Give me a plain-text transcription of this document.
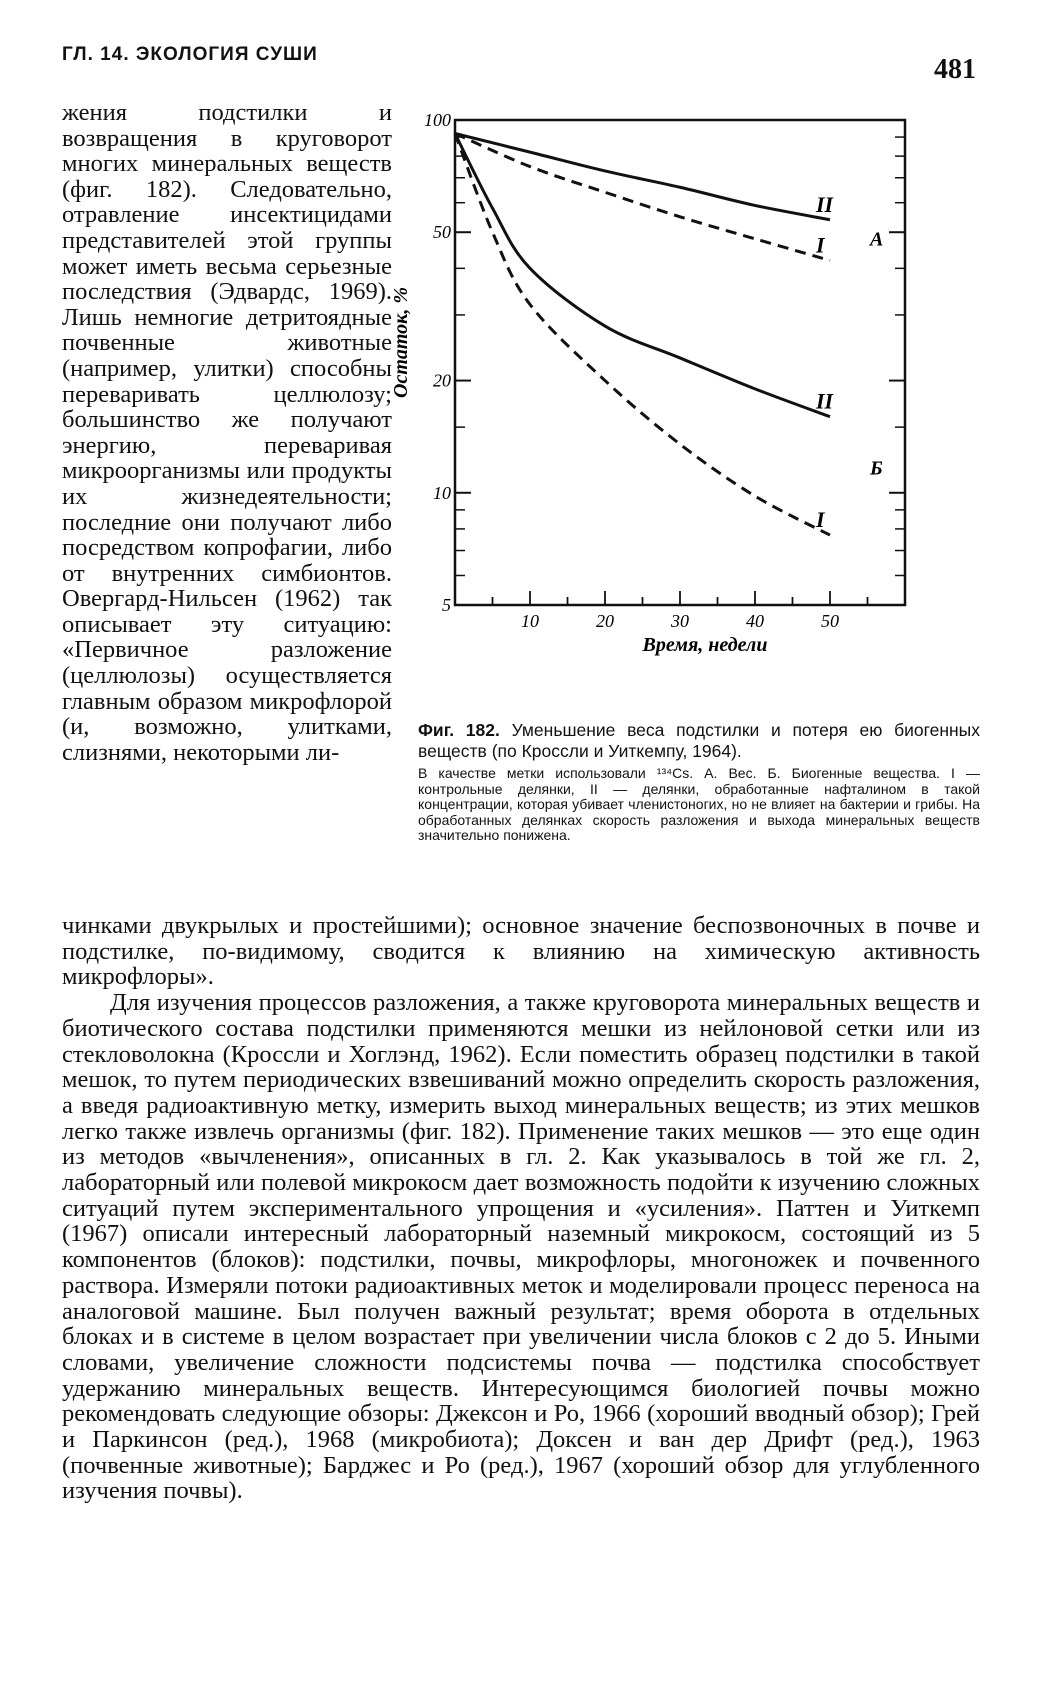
ГЛ. 14. ЭКОЛОГИЯ СУШИ	481
жения подстилки и возвращения в круговорот многих минеральных веществ (фиг. 182). Следовательно, отравление инсектицидами представителей этой группы может иметь весьма серьезные последствия (Эдвардс, 1969). Лишь немногие детритоядные почвенные животные (например, улитки) способны переваривать целлюлозу; большинство же получают энергию, переваривая микроорганизмы или продукты их жизнедеятельности; последние они получают либо посредством копрофагии, либо от внутренних симбионтов. Овергард-Нильсен (1962) так описывает эту ситуацию: «Первичное разложение (целлюлозы) осуществляется главным образом микрофлорой (и, возможно, улитками, слизнями, некоторыми ли-
5
10
20
50
100
10	20	30	40	50
Время, недели
Остаток, %
II
I
II
I
А
Б
Фиг. 182. Уменьшение веса подстилки и потеря ею биогенных веществ (по Кроссли и Уиткемпу, 1964).
В качестве метки использовали ¹³⁴Cs. А. Вес. Б. Биогенные вещества. I — контрольные делянки, II — делянки, обработанные нафталином в такой концентрации, которая убивает членистоногих, но не влияет на бактерии и грибы. На обработанных делянках скорость разложения и выхода минеральных веществ значительно понижена.

чинками двукрылых и простейшими); основное значение беспозвоночных в почве и подстилке, по-видимому, сводится к влиянию на химическую активность микрофлоры».

Для изучения процессов разложения, а также круговорота минеральных веществ и биотического состава подстилки применяются мешки из нейлоновой сетки или из стекловолокна (Кроссли и Хоглэнд, 1962). Если поместить образец подстилки в такой мешок, то путем периодических взвешиваний можно определить скорость разложения, а введя радиоактивную метку, измерить выход минеральных веществ; из этих мешков легко также извлечь организмы (фиг. 182). Применение таких мешков — это еще один из методов «вычленения», описанных в гл. 2. Как указывалось в той же гл. 2, лабораторный или полевой микрокосм дает возможность подойти к изучению сложных ситуаций путем экспериментального упрощения и «усиления». Паттен и Уиткемп (1967) описали интересный лабораторный наземный микрокосм, состоящий из 5 компонентов (блоков): подстилки, почвы, микрофлоры, многоножек и почвенного раствора. Измеряли потоки радиоактивных меток и моделировали процесс переноса на аналоговой машине. Был получен важный результат; время оборота в отдельных блоках и в системе в целом возрастает при увеличении числа блоков с 2 до 5. Иными словами, увеличение сложности подсистемы почва — подстилка способствует удержанию минеральных веществ. Интересующимся биологией почвы можно рекомендовать следующие обзоры: Джексон и Ро, 1966 (хороший вводный обзор); Грей и Паркинсон (ред.), 1968 (микробиота); Доксен и ван дер Дрифт (ред.), 1963 (почвенные животные); Барджес и Ро (ред.), 1967 (хороший обзор для углубленного изучения почвы).
